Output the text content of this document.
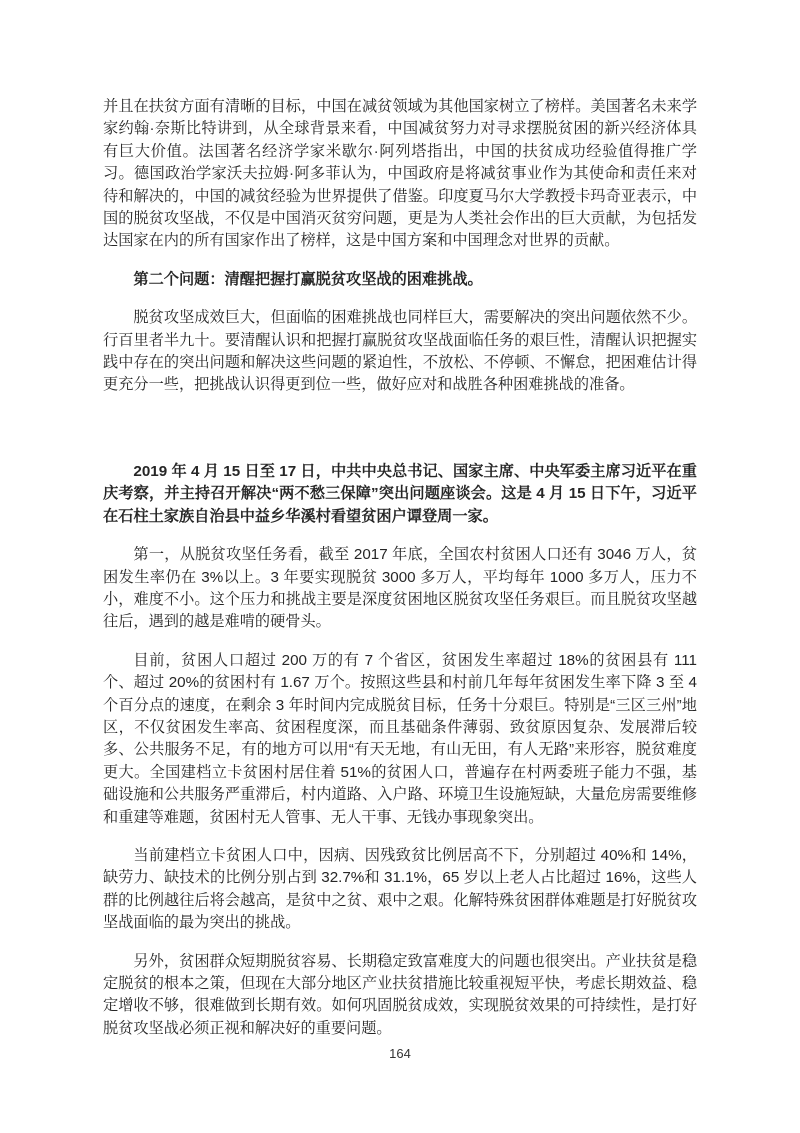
并且在扶贫方面有清晰的目标，中国在减贫领域为其他国家树立了榜样。美国著名未来学家约翰·奈斯比特讲到，从全球背景来看，中国减贫努力对寻求摆脱贫困的新兴经济体具有巨大价值。法国著名经济学家米歇尔·阿列塔指出，中国的扶贫成功经验值得推广学习。德国政治学家沃夫拉姆·阿多菲认为，中国政府是将减贫事业作为其使命和责任来对待和解决的，中国的减贫经验为世界提供了借鉴。印度夏马尔大学教授卡玛奇亚表示，中国的脱贫攻坚战，不仅是中国消灭贫穷问题，更是为人类社会作出的巨大贡献，为包括发达国家在内的所有国家作出了榜样，这是中国方案和中国理念对世界的贡献。

第二个问题：清醒把握打赢脱贫攻坚战的困难挑战。

脱贫攻坚成效巨大，但面临的困难挑战也同样巨大，需要解决的突出问题依然不少。行百里者半九十。要清醒认识和把握打赢脱贫攻坚战面临任务的艰巨性，清醒认识把握实践中存在的突出问题和解决这些问题的紧迫性，不放松、不停顿、不懈怠，把困难估计得更充分一些，把挑战认识得更到位一些，做好应对和战胜各种困难挑战的准备。

2019 年 4 月 15 日至 17 日，中共中央总书记、国家主席、中央军委主席习近平在重庆考察，并主持召开解决“两不愁三保障”突出问题座谈会。这是 4 月 15 日下午，习近平在石柱土家族自治县中益乡华溪村看望贫困户谭登周一家。

第一，从脱贫攻坚任务看，截至 2017 年底，全国农村贫困人口还有 3046 万人，贫困发生率仍在 3%以上。3 年要实现脱贫 3000 多万人，平均每年 1000 多万人，压力不小，难度不小。这个压力和挑战主要是深度贫困地区脱贫攻坚任务艰巨。而且脱贫攻坚越往后，遇到的越是难啃的硬骨头。

目前，贫困人口超过 200 万的有 7 个省区，贫困发生率超过 18%的贫困县有 111 个、超过 20%的贫困村有 1.67 万个。按照这些县和村前几年每年贫困发生率下降 3 至 4 个百分点的速度，在剩余 3 年时间内完成脱贫目标，任务十分艰巨。特别是“三区三州”地区，不仅贫困发生率高、贫困程度深，而且基础条件薄弱、致贫原因复杂、发展滞后较多、公共服务不足，有的地方可以用“有天无地，有山无田，有人无路”来形容，脱贫难度更大。全国建档立卡贫困村居住着 51%的贫困人口，普遍存在村两委班子能力不强，基础设施和公共服务严重滞后，村内道路、入户路、环境卫生设施短缺，大量危房需要维修和重建等难题，贫困村无人管事、无人干事、无钱办事现象突出。

当前建档立卡贫困人口中，因病、因残致贫比例居高不下，分别超过 40%和 14%，缺劳力、缺技术的比例分别占到 32.7%和 31.1%，65 岁以上老人占比超过 16%，这些人群的比例越往后将会越高，是贫中之贫、艰中之艰。化解特殊贫困群体难题是打好脱贫攻坚战面临的最为突出的挑战。

另外，贫困群众短期脱贫容易、长期稳定致富难度大的问题也很突出。产业扶贫是稳定脱贫的根本之策，但现在大部分地区产业扶贫措施比较重视短平快，考虑长期效益、稳定增收不够，很难做到长期有效。如何巩固脱贫成效，实现脱贫效果的可持续性，是打好脱贫攻坚战必须正视和解决好的重要问题。

164
